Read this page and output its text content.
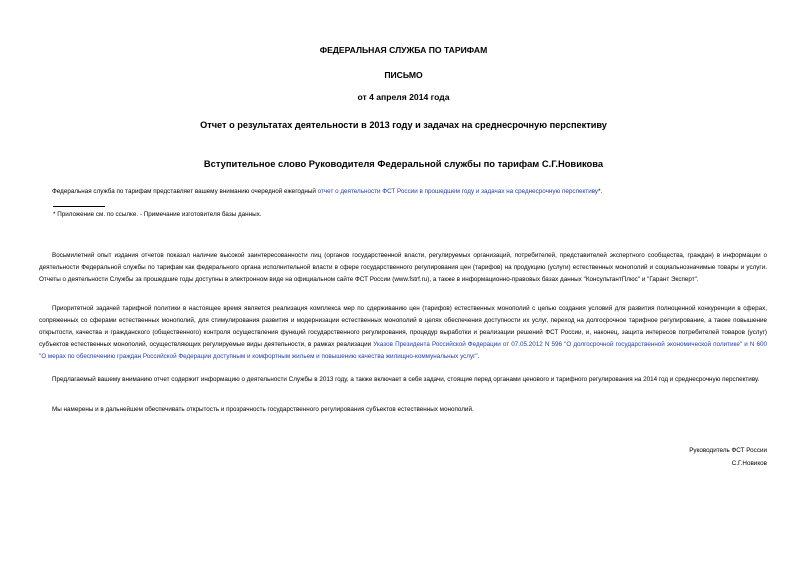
ФЕДЕРАЛЬНАЯ СЛУЖБА ПО ТАРИФАМ
ПИСЬМО
от 4 апреля 2014 года
Отчет о результатах деятельности в 2013 году и задачах на среднесрочную перспективу
Вступительное слово Руководителя Федеральной службы по тарифам С.Г.Новикова

Федеральная служба по тарифам представляет вашему вниманию очередной ежегодный отчет о деятельности ФСТ России в прошедшем году и задачах на среднесрочную перспективу*.

* Приложение см. по ссылке. - Примечание изготовителя базы данных.

Восьмилетний опыт издания отчетов показал наличие высокой заинтересованности лиц (органов государственной власти, регулируемых организаций, потребителей, представителей экспертного сообщества, граждан) в информации о деятельности Федеральной службы по тарифам как федерального органа исполнительной власти в сфере государственного регулирования цен (тарифов) на продукцию (услуги) естественных монополий и социальнозначимые товары и услуги. Отчеты о деятельности Службы за прошедшие годы доступны в электронном виде на официальном сайте ФСТ России (www.fstrf.ru), а также в информационно-правовых базах данных "КонсультантПлюс" и "Гарант Эксперт".

Приоритетной задачей тарифной политики в настоящее время является реализация комплекса мер по сдерживанию цен (тарифов) естественных монополий с целью создания условий для развития полноценной конкуренции в сферах, сопряженных со сферами естественных монополий, для стимулирования развития и модернизации естественных монополий в целях обеспечения доступности их услуг, переход на долгосрочное тарифное регулирование, а также повышение открытости, качества и гражданского (общественного) контроля осуществления функций государственного регулирования, процедур выработки и реализации решений ФСТ России, и, наконец, защита интересов потребителей товаров (услуг) субъектов естественных монополий, осуществляющих регулируемые виды деятельности, в рамках реализации Указов Президента Российской Федерации от 07.05.2012 N 596 "О долгосрочной государственной экономической политике" и N 600 "О мерах по обеспечению граждан Российской Федерации доступным и комфортным жильем и повышению качества жилищно-коммунальных услуг".

Предлагаемый вашему вниманию отчет содержит информацию о деятельности Службы в 2013 году, а также включает в себя задачи, стоящие перед органами ценового и тарифного регулирования на 2014 год и среднесрочную перспективу.

Мы намерены и в дальнейшем обеспечивать открытость и прозрачность государственного регулирования субъектов естественных монополий.

Руководитель ФСТ России
С.Г.Новиков
